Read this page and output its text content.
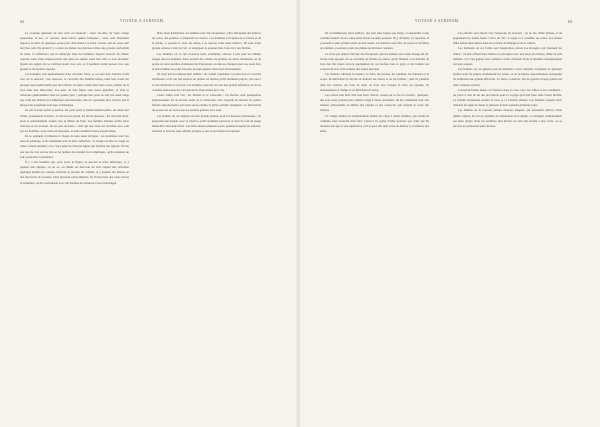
62	VOYAGE A SURINAM.

Le scolome généralis de leur tenir est heureux ; aussi ont-elles de vaste visage équestrant, le nez, ce contour, ainsi blancs quêtes fameuses ; sous cette blanchure étaperot au lieur de quelques poses pour dens plant à la boite convera qui est entre sant met lieu rom. Du gérent il y a entre les habies des diverses tribus une grande conformité de traits. La différence qui se remarque dans les hommes, dépend souvent du climat, souvent aussi d'une disproportion qui entre les uniteo entre leur ville et son ancienne. Quant aux nègres, ils se cultivent point avec eux, et il paraîtrait traiter penser avec une grande et incroyable superbe.

Les hommes sont généralement d'un caractère triste, et on peut tout attendre d'eux avec de la douceur ; dès ouvroux, ce caractère des femmes haïtes, nous leur avons sur presque aussi indiscutable que leur mèche. En mois vendu dans leurs cases, réunies de la race dans leur imposante. Les deux du leur figure sont assez agréables, et telle se remarque généralement dans les jeunes gens ; quoique leur peau ne soit pas aussi rouge que celle des Indiens de l'Amérique septentrionale, elle est cependant plus cuivrée que la plupart des peuplades sauvages d'Amérique.

Ils ont le front aplati et incliné, les yeux noirs et médiocrement petits, les dents fort belles, quelquefois noircies ; le nez un peu épaté, les lèvres épaisses ; les cheveux noirs, plats et ordinairement coupés vers le milieu du front. Les femmes laissent croître leurs cheveux et les tressent. Ils ont peu de barbe ; celle qui leur vient est arrachée avec soin par les hommes. Leur taille est moyenne, et leurs membres bien proportionnés.

Ils se peignent d'ordinaire le visage de sens assez étranges ; les premières sont des joies de peintage, et les vêtements sont de leur confection ; le visage est strié de rouge ou d'une couleur jaunâtre, et le corps peint de diverses lignes qui forment des figures. Il n'est pas rare de voir sur les bras et les jambes des dessins fort compliqués, qu'ils prennent un soin particulier à entretenir.

Il y a des hommes qui, pour orner la figure, se percent le lèvre inférieure, et y passent une épingle, ou un os, ou même un morceau de bois auquel elle attachent quelques plumes de couleur. D'autres se percent les oreilles, et y passent des bâtons ou des morceaux de roseaux, d'une grosseur extraordinaire. Ils vivent dans des cases basses et enfumées, qu'ils construisent avec des feuilles de palmiers et des branchages.

Dans leurs habitations, les femmes sont très laborieuses ; elles fabriquent des hamacs de coton, des poteries, et préparent la cassave. Les hommes s'occupent de la chasse et de la pêche, et passent le reste du temps à se reposer dans leurs hamacs. Ils sont d'une grande adresse à tirer de l'arc, et atteignent le poisson dans l'eau avec des flèches.

Les femmes, en ce qui concerne leurs ornements, suivent à peu près les mêmes usages que les hommes. Elles portent des colliers de graines, de dents d'animaux, ou de perles de verre qu'elles obtiennent des Européens, et elles en chargent leur cou, leurs bras et leurs jambes au point d'en être presque gênées dans leurs mouvements.

Ils n'ont pas de religion bien définie ; ils croient cependant à un être bon et à un être malfaisant, et ils ont des espèces de prêtres ou devins, qu'ils nomment piayes, qui sont à la fois médecins et sorciers. Ces hommes exercent sur eux une grande influence, et on les consulte dans toutes les circonstances importantes de la vie.

Leurs armes sont l'arc, les flèches et le casse-tête ; les flèches sont quelquefois empoisonnées. Ils se servent aussi de la sarbacane, avec laquelle ils lancent de petites flèches empoisonnées qui tuent sur-le-champ le gibier qu'elles atteignent. La fabrication du poison est un secret que les anciens gardent avec soin.

Les Indiens de ces régions ont une grande passion pour les boissons fermentées ; ils préparent une liqueur avec la cassave, qu'ils nomment paiwarri, et dont ils font un usage immodéré dans leurs fêtes. Ces fêtes durent plusieurs jours, pendant lesquels ils dansent, chantent et boivent sans relâche, jusqu'à ce que la provision soit épuisée.

VOYAGE A SURINAM.	63

Ils recommencent leurs hamacs, qui sont plus larges que longs, et suspendus à une certaine hauteur du sol, entre deux arbres ou deux poteaux. Ils y dorment, s'y reposent, et y passent la plus grande partie de leur temps. Les hamacs sont faits de coton ou de fibres de palmier, et souvent ornés de plumes de diverses couleurs.

Ce n'est que depuis l'arrivée des Européens que les Indiens ont connu l'usage du fer. Avant cette époque, ils se servaient de haches de pierre, qu'ils fixaient à un manche de bois dur. On trouve encore quelquefois de ces haches dans le pays, et les Indiens les conservent avec soin comme des objets précieux.

Les Indiens cultivent le manioc, le maïs, les patates, les ignames, les bananes et le coton. Ils défrichent le terrain en abattant les arbres et en les brûlant ; puis ils plantent dans les cendres. Au bout de deux ou trois ans, lorsque la terre est épuisée, ils abandonnent ce champ et en défrichent un autre.

Les canots sont faits d'un seul tronc d'arbre, creusé par le feu et la hache ; quelques-uns sont assez grands pour contenir vingt à trente personnes. Ils les conduisent avec une adresse remarquable au milieu des rapides et des cataractes qui coupent le cours des rivières.

Ce village indien est ordinairement habité par vingt à trente familles, qui vivent en commun sous l'autorité d'un chef. Celui-ci n'a guère d'autre pouvoir que celui que lui donnent son âge et son expérience, et il le perd dès qu'il cesse de mériter la confiance des siens.

Les enfants sont élevés avec beaucoup de douceur ; on ne les châtie jamais, et ils apprennent de bonne heure à tirer de l'arc, à nager et à conduire un canot. Les jeunes filles aident leurs mères dans les travaux du ménage et de la culture.

Les habitants de ces forêts sont hospitaliers envers les étrangers qui viennent les visiter ; ils leur offrent leurs hamacs et partagent avec eux leurs provisions. Mais ils sont défiants, et il faut gagner leur confiance avant d'obtenir d'eux le moindre renseignement sur leurs usages.

Les Indiens ont, en général, peu de maladies. Leurs remèdes consistent en quelques plantes dont les piayes connaissent les vertus, et en pratiques superstitieuses auxquelles ils attribuent une grande efficacité. La fièvre, toutefois, fait de grands ravages parmi eux dans certaines saisons.

Lorsqu'un Indien meurt, on l'enterre dans sa case, avec ses armes et ses ornements ; on place à côté de lui des provisions pour le voyage qu'il doit faire dans l'autre monde. La famille abandonne ensuite la case, et va s'établir ailleurs. Les femmes coupent leurs cheveux en signe de deuil, et pleurent le mort pendant plusieurs jours.

Les Indiens de la Guyane parlent diverses langues, qui paraissent dériver d'une même origine. Ils ont un système de numération fort simple, et comptent ordinairement sur leurs doigts. Pour les nombres plus élevés, ils font des nœuds à une corde, ou se servent de petits morceaux de bois.
